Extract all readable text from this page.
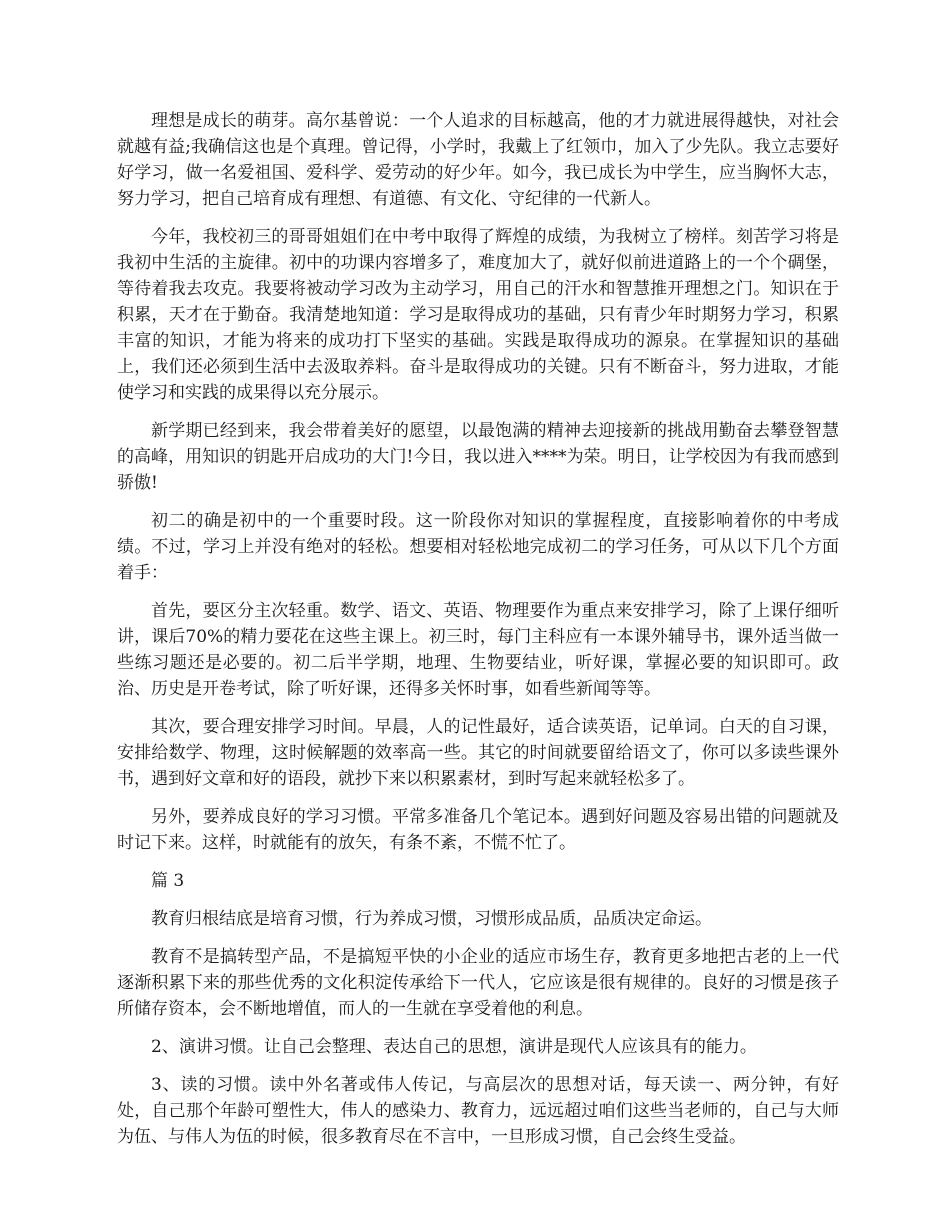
理想是成长的萌芽。高尔基曾说：一个人追求的目标越高，他的才力就进展得越快，对社会就越有益;我确信这也是个真理。曾记得，小学时，我戴上了红领巾，加入了少先队。我立志要好好学习，做一名爱祖国、爱科学、爱劳动的好少年。如今，我已成长为中学生，应当胸怀大志，努力学习，把自己培育成有理想、有道德、有文化、守纪律的一代新人。

今年，我校初三的哥哥姐姐们在中考中取得了辉煌的成绩，为我树立了榜样。刻苦学习将是我初中生活的主旋律。初中的功课内容增多了，难度加大了，就好似前进道路上的一个个碉堡，等待着我去攻克。我要将被动学习改为主动学习，用自己的汗水和智慧推开理想之门。知识在于积累，天才在于勤奋。我清楚地知道：学习是取得成功的基础，只有青少年时期努力学习，积累丰富的知识，才能为将来的成功打下坚实的基础。实践是取得成功的源泉。在掌握知识的基础上，我们还必须到生活中去汲取养料。奋斗是取得成功的关键。只有不断奋斗，努力进取，才能使学习和实践的成果得以充分展示。

新学期已经到来，我会带着美好的愿望，以最饱满的精神去迎接新的挑战用勤奋去攀登智慧的高峰，用知识的钥匙开启成功的大门!今日，我以进入****为荣。明日，让学校因为有我而感到骄傲!

初二的确是初中的一个重要时段。这一阶段你对知识的掌握程度，直接影响着你的中考成绩。不过，学习上并没有绝对的轻松。想要相对轻松地完成初二的学习任务，可从以下几个方面着手：

首先，要区分主次轻重。数学、语文、英语、物理要作为重点来安排学习，除了上课仔细听讲，课后70%的精力要花在这些主课上。初三时，每门主科应有一本课外辅导书，课外适当做一些练习题还是必要的。初二后半学期，地理、生物要结业，听好课，掌握必要的知识即可。政治、历史是开卷考试，除了听好课，还得多关怀时事，如看些新闻等等。

其次，要合理安排学习时间。早晨，人的记性最好，适合读英语，记单词。白天的自习课，安排给数学、物理，这时候解题的效率高一些。其它的时间就要留给语文了，你可以多读些课外书，遇到好文章和好的语段，就抄下来以积累素材，到时写起来就轻松多了。

另外，要养成良好的学习习惯。平常多准备几个笔记本。遇到好问题及容易出错的问题就及时记下来。这样，时就能有的放矢，有条不紊，不慌不忙了。

篇 3

教育归根结底是培育习惯，行为养成习惯，习惯形成品质，品质决定命运。

教育不是搞转型产品，不是搞短平快的小企业的适应市场生存，教育更多地把古老的上一代逐渐积累下来的那些优秀的文化积淀传承给下一代人，它应该是很有规律的。良好的习惯是孩子所储存资本，会不断地增值，而人的一生就在享受着他的利息。

2、演讲习惯。让自己会整理、表达自己的思想，演讲是现代人应该具有的能力。

3、读的习惯。读中外名著或伟人传记，与高层次的思想对话，每天读一、两分钟，有好处，自己那个年龄可塑性大，伟人的感染力、教育力，远远超过咱们这些当老师的，自己与大师为伍、与伟人为伍的时候，很多教育尽在不言中，一旦形成习惯，自己会终生受益。
